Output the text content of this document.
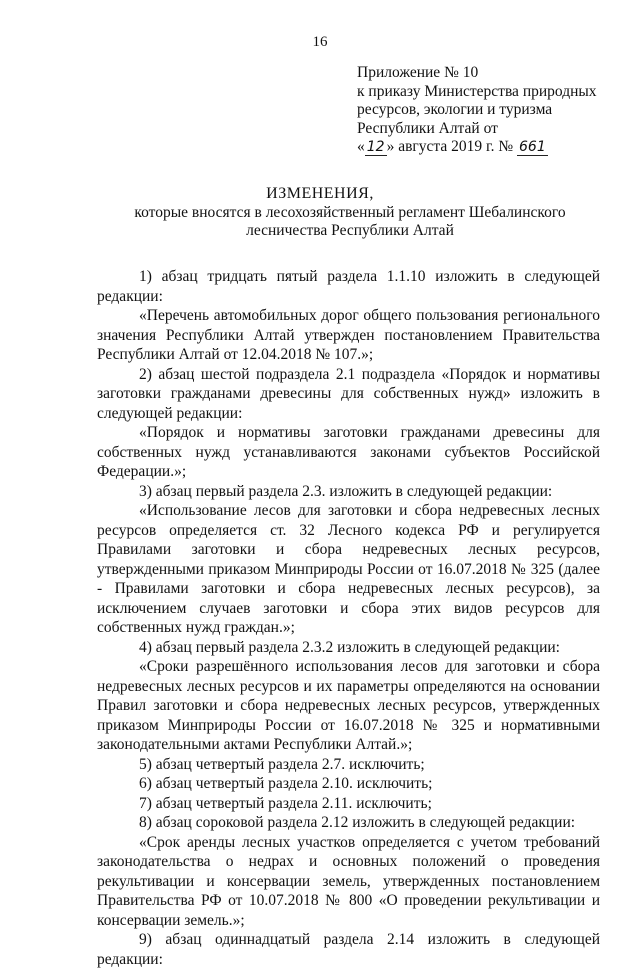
16
Приложение № 10
к приказу Министерства природных
ресурсов, экологии и туризма
Республики Алтай от
« 12 » августа 2019 г. № 661
ИЗМЕНЕНИЯ,
которые вносятся в лесохозяйственный регламент Шебалинского лесничества Республики Алтай

1) абзац тридцать пятый раздела 1.1.10 изложить в следующей редакции:

«Перечень автомобильных дорог общего пользования регионального значения Республики Алтай утвержден постановлением Правительства Республики Алтай от 12.04.2018 № 107.»;

2) абзац шестой подраздела 2.1 подраздела «Порядок и нормативы заготовки гражданами древесины для собственных нужд» изложить в следующей редакции:

«Порядок и нормативы заготовки гражданами древесины для собственных нужд устанавливаются законами субъектов Российской Федерации.»;

3) абзац первый раздела 2.3. изложить в следующей редакции:

«Использование лесов для заготовки и сбора недревесных лесных ресурсов определяется ст. 32 Лесного кодекса РФ и регулируется Правилами заготовки и сбора недревесных лесных ресурсов, утвержденными приказом Минприроды России от 16.07.2018 № 325 (далее - Правилами заготовки и сбора недревесных лесных ресурсов), за исключением случаев заготовки и сбора этих видов ресурсов для собственных нужд граждан.»;

4) абзац первый раздела 2.3.2 изложить в следующей редакции:

«Сроки разрешённого использования лесов для заготовки и сбора недревесных лесных ресурсов и их параметры определяются на основании Правил заготовки и сбора недревесных лесных ресурсов, утвержденных приказом Минприроды России от 16.07.2018 № 325 и нормативными законодательными актами Республики Алтай.»;

5) абзац четвертый раздела 2.7. исключить;

6) абзац четвертый раздела 2.10. исключить;

7) абзац четвертый раздела 2.11. исключить;

8) абзац сороковой раздела 2.12 изложить в следующей редакции:

«Срок аренды лесных участков определяется с учетом требований законодательства о недрах и основных положений о проведения рекультивации и консервации земель, утвержденных постановлением Правительства РФ от 10.07.2018 № 800 «О проведении рекультивации и консервации земель.»;

9) абзац одиннадцатый раздела 2.14 изложить в следующей редакции:
